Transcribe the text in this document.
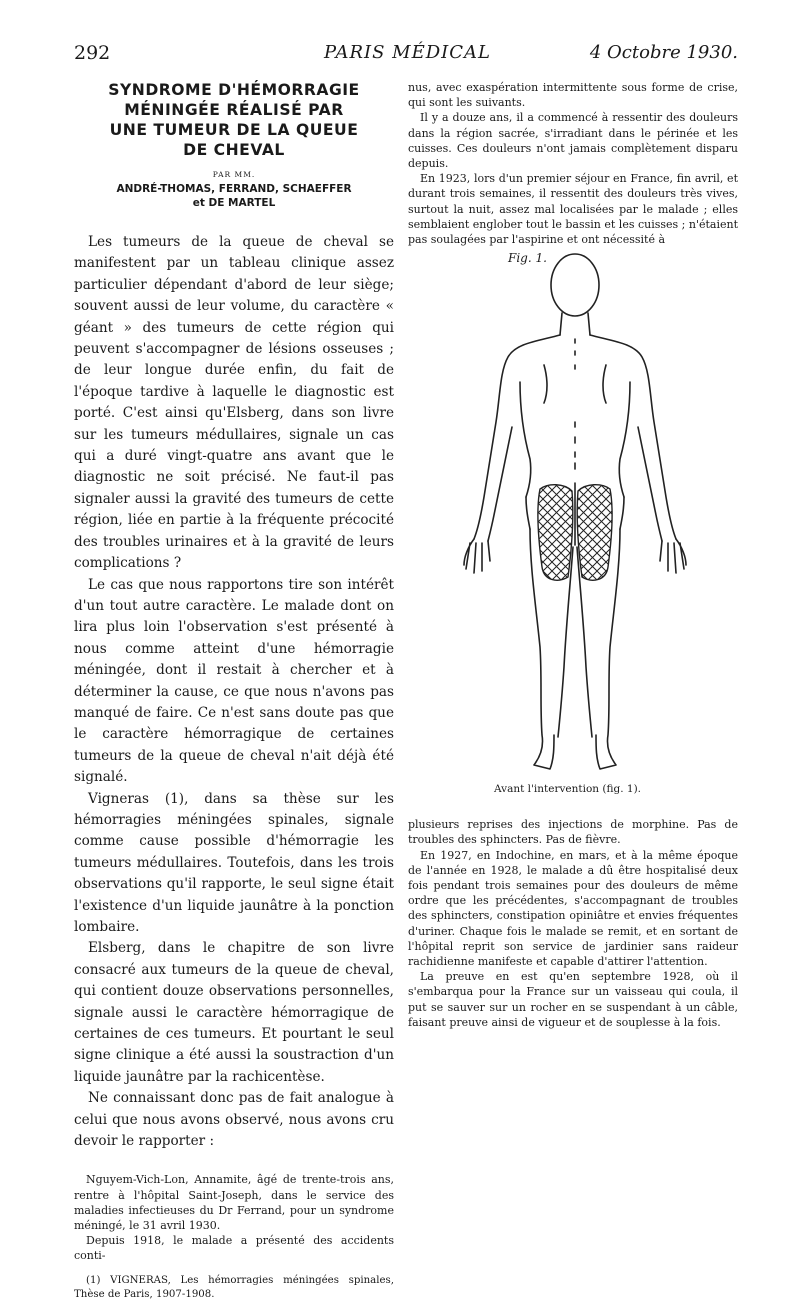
292	PARIS MÉDICAL	4 Octobre 1930.
SYNDROME D'HÉMORRAGIE
MÉNINGÉE RÉALISÉ PAR
UNE TUMEUR DE LA QUEUE
DE CHEVAL
PAR MM.
ANDRÉ-THOMAS, FERRAND, SCHAEFFER
et DE MARTEL

Les tumeurs de la queue de cheval se manifestent par un tableau clinique assez particulier dépendant d'abord de leur siège; souvent aussi de leur volume, du caractère « géant » des tumeurs de cette région qui peuvent s'accompagner de lésions osseuses ; de leur longue durée enfin, du fait de l'époque tardive à laquelle le diagnostic est porté. C'est ainsi qu'Elsberg, dans son livre sur les tumeurs médullaires, signale un cas qui a duré vingt-quatre ans avant que le diagnostic ne soit précisé. Ne faut-il pas signaler aussi la gravité des tumeurs de cette région, liée en partie à la fréquente précocité des troubles urinaires et à la gravité de leurs complications ?

Le cas que nous rapportons tire son intérêt d'un tout autre caractère. Le malade dont on lira plus loin l'observation s'est présenté à nous comme atteint d'une hémorragie méningée, dont il restait à chercher et à déterminer la cause, ce que nous n'avons pas manqué de faire. Ce n'est sans doute pas que le caractère hémorragique de certaines tumeurs de la queue de cheval n'ait déjà été signalé.

Vigneras (1), dans sa thèse sur les hémorragies méningées spinales, signale comme cause possible d'hémorragie les tumeurs médullaires. Toutefois, dans les trois observations qu'il rapporte, le seul signe était l'existence d'un liquide jaunâtre à la ponction lombaire.

Elsberg, dans le chapitre de son livre consacré aux tumeurs de la queue de cheval, qui contient douze observations personnelles, signale aussi le caractère hémorragique de certaines de ces tumeurs. Et pourtant le seul signe clinique a été aussi la soustraction d'un liquide jaunâtre par la rachicentèse.

Ne connaissant donc pas de fait analogue à celui que nous avons observé, nous avons cru devoir le rapporter :

Nguyem-Vich-Lon, Annamite, âgé de trente-trois ans, rentre à l'hôpital Saint-Joseph, dans le service des maladies infectieuses du Dr Ferrand, pour un syndrome méningé, le 31 avril 1930.

Depuis 1918, le malade a présenté des accidents conti-

(1) VIGNERAS, Les hémorragies méningées spinales, Thèse de Paris, 1907-1908.

nus, avec exaspération intermittente sous forme de crise, qui sont les suivants.

Il y a douze ans, il a commencé à ressentir des douleurs dans la région sacrée, s'irradiant dans le périnée et les cuisses. Ces douleurs n'ont jamais complètement disparu depuis.

En 1923, lors d'un premier séjour en France, fin avril, et durant trois semaines, il ressentit des douleurs très vives, surtout la nuit, assez mal localisées par le malade ; elles semblaient englober tout le bassin et les cuisses ; n'étaient pas soulagées par l'aspirine et ont nécessité à

Fig. 1.
Avant l'intervention (fig. 1).

plusieurs reprises des injections de morphine. Pas de troubles des sphincters. Pas de fièvre.

En 1927, en Indochine, en mars, et à la même époque de l'année en 1928, le malade a dû être hospitalisé deux fois pendant trois semaines pour des douleurs de même ordre que les précédentes, s'accompagnant de troubles des sphincters, constipation opiniâtre et envies fréquentes d'uriner. Chaque fois le malade se remit, et en sortant de l'hôpital reprit son service de jardinier sans raideur rachidienne manifeste et capable d'attirer l'attention.

La preuve en est qu'en septembre 1928, où il s'embarqua pour la France sur un vaisseau qui coula, il put se sauver sur un rocher en se suspendant à un câble, faisant preuve ainsi de vigueur et de souplesse à la fois.
